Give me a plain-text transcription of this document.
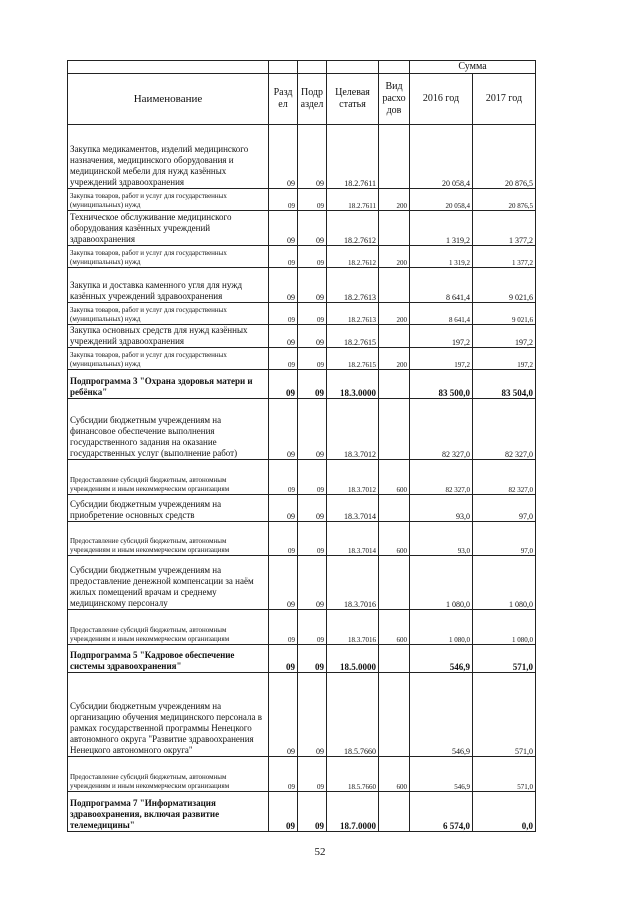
					Сумма	
Наименование	Разд ел	Подр аздел	Целевая статья	Вид расхо дов	2016 год	2017 год
Закупка медикаментов, изделий медицинского назначения, медицинского оборудования и медицинской мебели для нужд казённых учреждений здравоохранения	09	09	18.2.7611		20 058,4	20 876,5
Закупка товаров, работ и услуг для государственных (муниципальных) нужд	09	09	18.2.7611	200	20 058,4	20 876,5
Техническое обслуживание медицинского оборудования казённых учреждений здравоохранения	09	09	18.2.7612		1 319,2	1 377,2
Закупка товаров, работ и услуг для государственных (муниципальных) нужд	09	09	18.2.7612	200	1 319,2	1 377,2
Закупка и доставка каменного угля для нужд казённых учреждений здравоохранения	09	09	18.2.7613		8 641,4	9 021,6
Закупка товаров, работ и услуг для государственных (муниципальных) нужд	09	09	18.2.7613	200	8 641,4	9 021,6
Закупка основных средств для нужд казённых учреждений здравоохранения	09	09	18.2.7615		197,2	197,2
Закупка товаров, работ и услуг для государственных (муниципальных) нужд	09	09	18.2.7615	200	197,2	197,2
Подпрограмма 3 "Охрана здоровья матери и ребёнка"	09	09	18.3.0000		83 500,0	83 504,0
Субсидии бюджетным учреждениям на финансовое обеспечение выполнения государственного задания на оказание государственных услуг (выполнение работ)	09	09	18.3.7012		82 327,0	82 327,0
Предоставление субсидий бюджетным, автономным учреждениям и иным некоммерческим организациям	09	09	18.3.7012	600	82 327,0	82 327,0
Субсидии бюджетным учреждениям на приобретение основных средств	09	09	18.3.7014		93,0	97,0
Предоставление субсидий бюджетным, автономным учреждениям и иным некоммерческим организациям	09	09	18.3.7014	600	93,0	97,0
Субсидии бюджетным учреждениям на предоставление денежной компенсации за наём жилых помещений врачам и среднему медицинскому персоналу	09	09	18.3.7016		1 080,0	1 080,0
Предоставление субсидий бюджетным, автономным учреждениям и иным некоммерческим организациям	09	09	18.3.7016	600	1 080,0	1 080,0
Подпрограмма 5 "Кадровое обеспечение системы здравоохранения"	09	09	18.5.0000		546,9	571,0
Субсидии бюджетным учреждениям на организацию обучения медицинского персонала в рамках государственной программы Ненецкого автономного округа "Развитие здравоохранения Ненецкого автономного округа"	09	09	18.5.7660		546,9	571,0
Предоставление субсидий бюджетным, автономным учреждениям и иным некоммерческим организациям	09	09	18.5.7660	600	546,9	571,0
Подпрограмма 7 "Информатизация здравоохранения, включая развитие телемедицины"	09	09	18.7.0000		6 574,0	0,0
52
